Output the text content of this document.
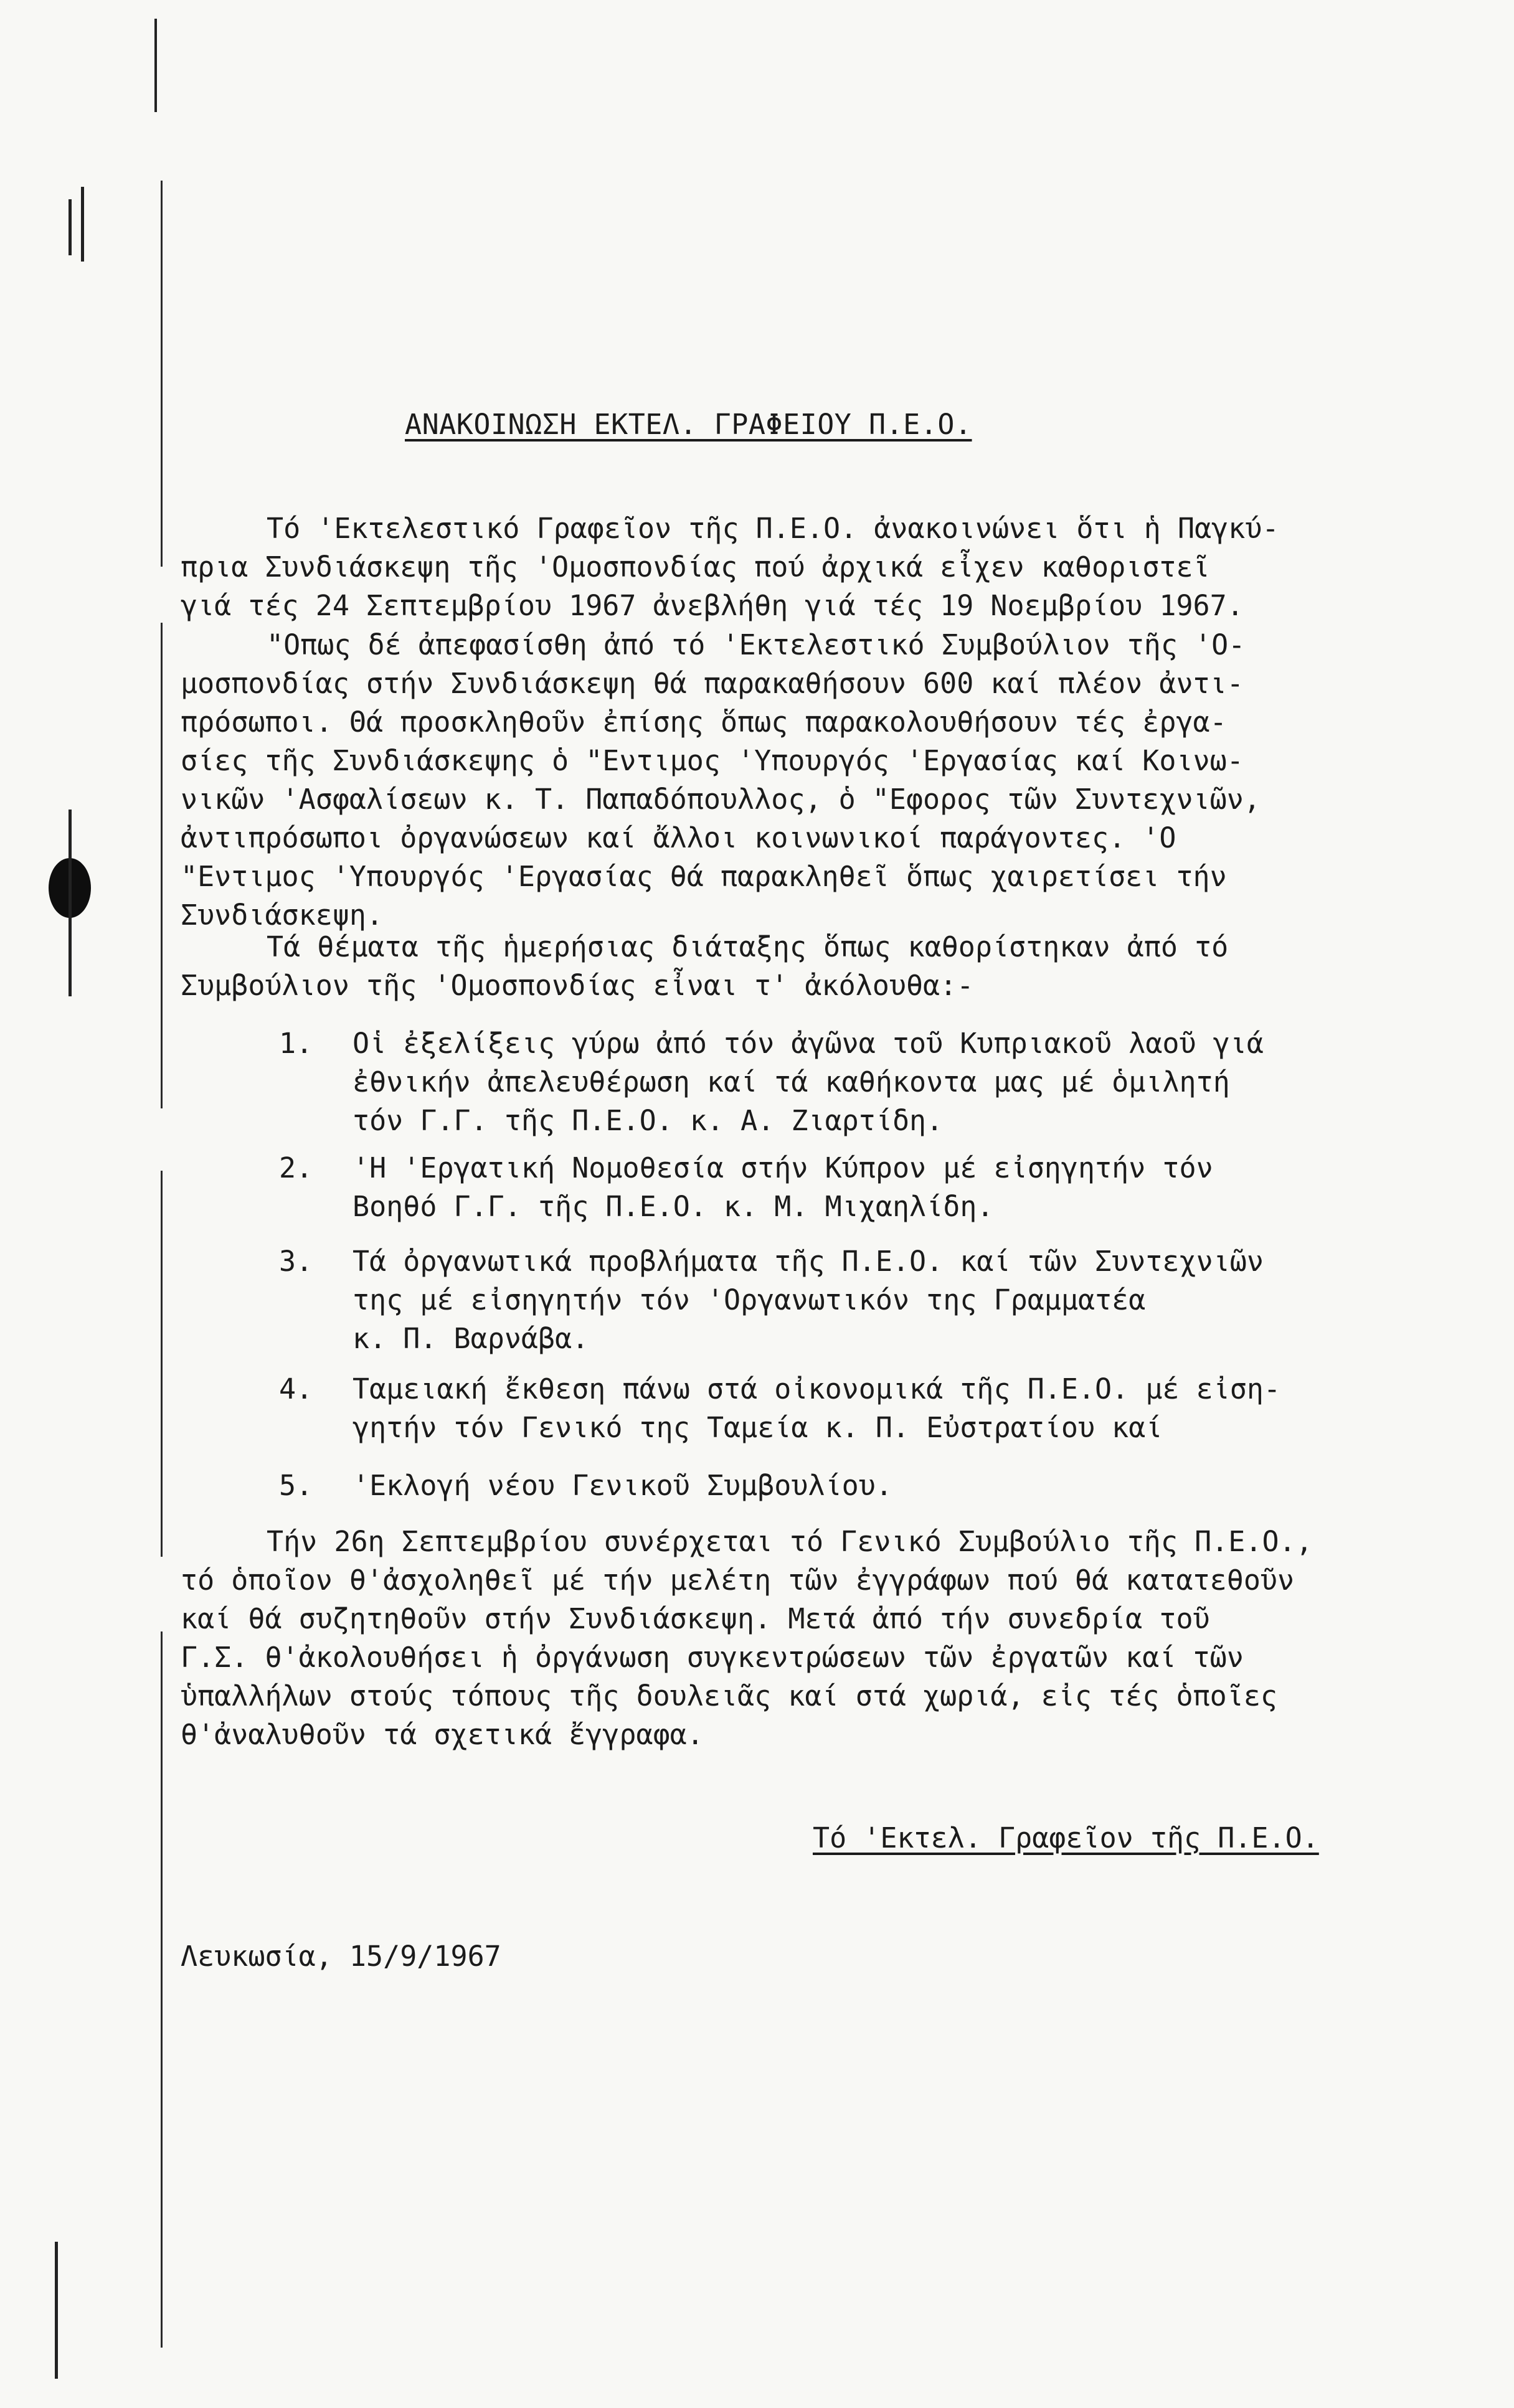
ΑΝΑΚΟΙΝΩΣΗ ΕΚΤΕΛ. ΓΡΑΦΕΙΟΥ Π.Ε.Ο.
Τό 'Εκτελεστικό Γραφεῖον τῆς Π.Ε.Ο. ἀνακοινώνει ὅτι ἡ Παγκύ-
πρια Συνδιάσκεψη τῆς 'Ομοσπονδίας πού ἀρχικά εἶχεν καθοριστεῖ
γιά τές 24 Σεπτεμβρίου 1967 ἀνεβλήθη γιά τές 19 Νοεμβρίου 1967.
"Οπως δέ ἀπεφασίσθη ἀπό τό 'Εκτελεστικό Συμβούλιον τῆς 'Ο-
μοσπονδίας στήν Συνδιάσκεψη θά παρακαθήσουν 600 καί πλέον ἀντι-
πρόσωποι. Θά προσκληθοῦν ἐπίσης ὅπως παρακολουθήσουν τές ἐργα-
σίες τῆς Συνδιάσκεψης ὁ "Εντιμος 'Υπουργός 'Εργασίας καί Κοινω-
νικῶν 'Ασφαλίσεων κ. Τ. Παπαδόπουλλος, ὁ "Εφορος τῶν Συντεχνιῶν,
ἀντιπρόσωποι ὀργανώσεων καί ἄλλοι κοινωνικοί παράγοντες. 'Ο
"Εντιμος 'Υπουργός 'Εργασίας θά παρακληθεῖ ὅπως χαιρετίσει τήν
Συνδιάσκεψη.
Τά θέματα τῆς ἡμερήσιας διάταξης ὅπως καθορίστηκαν ἀπό τό
Συμβούλιον τῆς 'Ομοσπονδίας εἶναι τ' ἀκόλουθα:-
1. Οἱ ἐξελίξεις γύρω ἀπό τόν ἀγῶνα τοῦ Κυπριακοῦ λαοῦ γιά
ἐθνικήν ἀπελευθέρωση καί τά καθήκοντα μας μέ ὁμιλητή
τόν Γ.Γ. τῆς Π.Ε.Ο. κ. Α. Ζιαρτίδη.
2. 'Η 'Εργατική Νομοθεσία στήν Κύπρον μέ εἰσηγητήν τόν
Βοηθό Γ.Γ. τῆς Π.Ε.Ο. κ. Μ. Μιχαηλίδη.
3. Τά ὀργανωτικά προβλήματα τῆς Π.Ε.Ο. καί τῶν Συντεχνιῶν
της μέ εἰσηγητήν τόν 'Οργανωτικόν της Γραμματέα
κ. Π. Βαρνάβα.
4. Ταμειακή ἔκθεση πάνω στά οἰκονομικά τῆς Π.Ε.Ο. μέ εἰση-
γητήν τόν Γενικό της Ταμεία κ. Π. Εὐστρατίου καί
5. 'Εκλογή νέου Γενικοῦ Συμβουλίου.
Τήν 26η Σεπτεμβρίου συνέρχεται τό Γενικό Συμβούλιο τῆς Π.Ε.Ο.,
τό ὁποῖον θ'ἀσχοληθεῖ μέ τήν μελέτη τῶν ἐγγράφων πού θά κατατεθοῦν
καί θά συζητηθοῦν στήν Συνδιάσκεψη. Μετά ἀπό τήν συνεδρία τοῦ
Γ.Σ. θ'ἀκολουθήσει ἡ ὀργάνωση συγκεντρώσεων τῶν ἐργατῶν καί τῶν
ὑπαλλήλων στούς τόπους τῆς δουλειᾶς καί στά χωριά, εἰς τές ὁποῖες
θ'ἀναλυθοῦν τά σχετικά ἔγγραφα.
Τό 'Εκτελ. Γραφεῖον τῆς Π.Ε.Ο.
Λευκωσία, 15/9/1967
